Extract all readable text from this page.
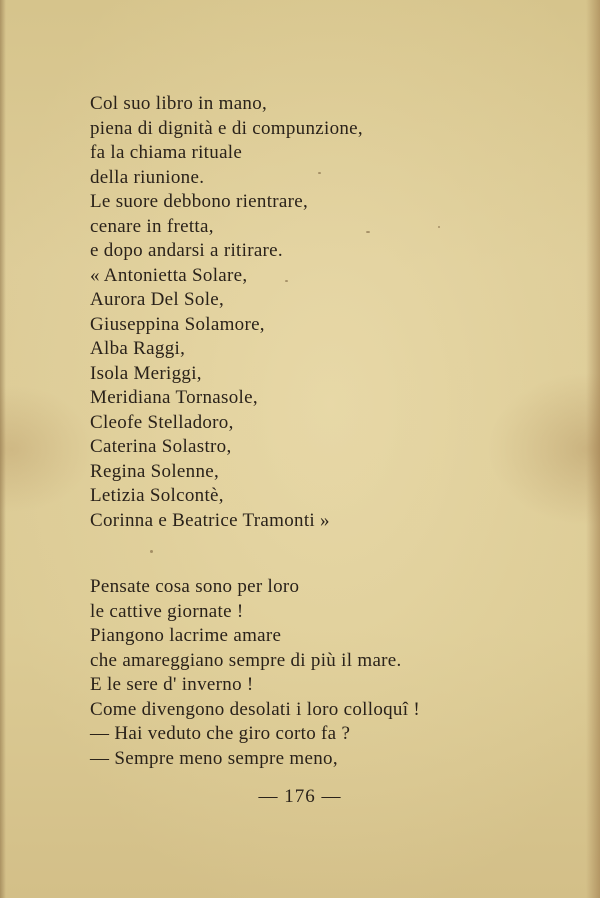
Col suo libro in mano,
piena di dignità e di compunzione,
fa la chiama rituale
della riunione.
Le suore debbono rientrare,
cenare in fretta,
e dopo andarsi a ritirare.
« Antonietta Solare,
Aurora Del Sole,
Giuseppina Solamore,
Alba Raggi,
Isola Meriggi,
Meridiana Tornasole,
Cleofe Stelladoro,
Caterina Solastro,
Regina Solenne,
Letizia Solcontè,
Corinna e Beatrice Tramonti »
Pensate cosa sono per loro
le cattive giornate !
Piangono lacrime amare
che amareggiano sempre di più il mare.
E le sere d' inverno !
Come divengono desolati i loro colloquî !
— Hai veduto che giro corto fa ?
— Sempre meno sempre meno,
— 176 —
